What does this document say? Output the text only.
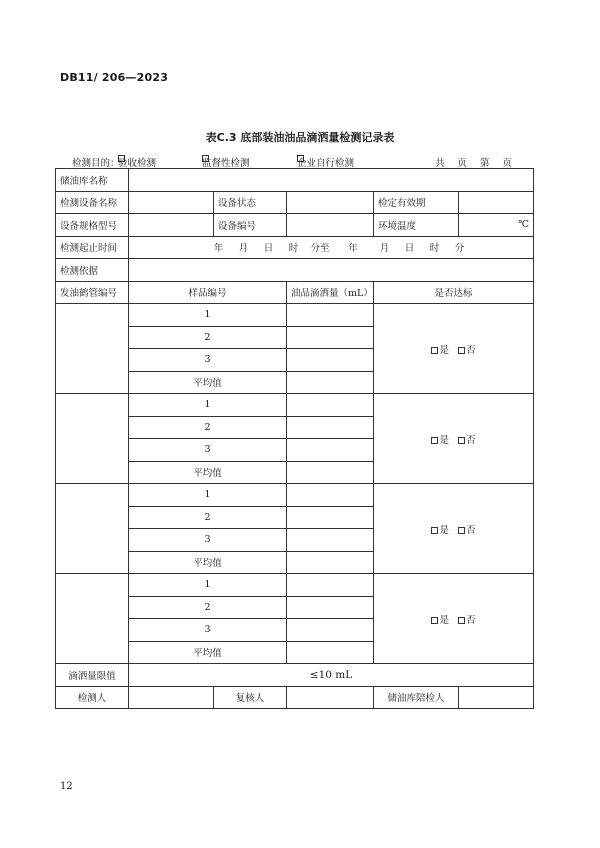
DB11/ 206—2023
表C.3 底部装油油品滴洒量检测记录表
检测目的：
验收检测	监督性检测	企业自行检测	共 页 第 页
储油库名称					
检测设备名称		设备状态		检定有效期	
设备规格型号		设备编号		环境温度	℃
检测起止时间	年 月 日 时 分至 年 月 日 时 分				
检测依据					
发油鹤管编号	样品编号		油品滴洒量（mL）	是否达标	
	1			是 否	
	2				
	3				
	平均值				
	1			是 否	
	2				
	3				
	平均值				
	1			是 否	
	2				
	3				
	平均值				
	1			是 否	
	2				
	3				
	平均值				
滴洒量限值	≤10 mL				
检测人		复核人		储油库陪检人	
12
